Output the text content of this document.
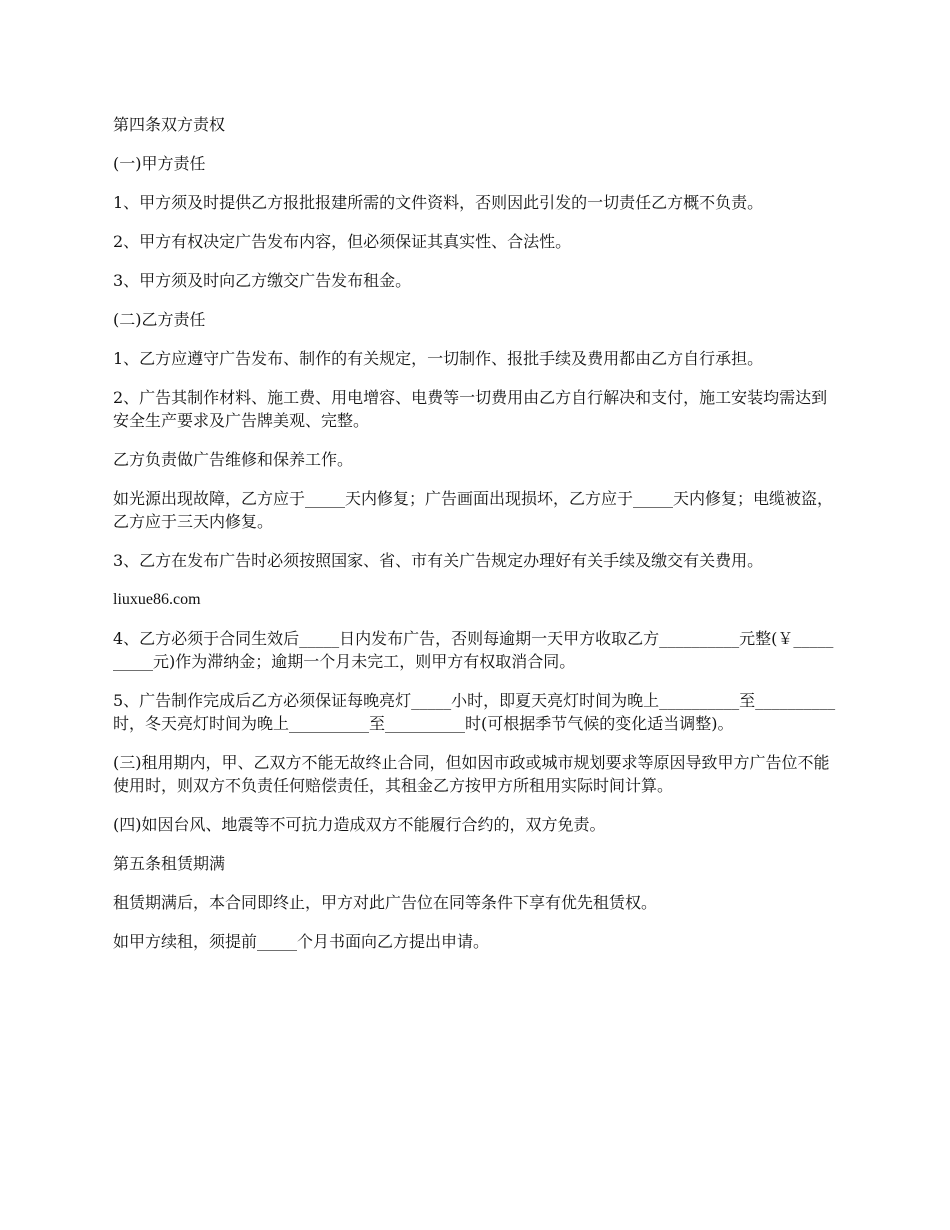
第四条双方责权

(一)甲方责任

1、甲方须及时提供乙方报批报建所需的文件资料，否则因此引发的一切责任乙方概不负责。

2、甲方有权决定广告发布内容，但必须保证其真实性、合法性。

3、甲方须及时向乙方缴交广告发布租金。

(二)乙方责任

1、乙方应遵守广告发布、制作的有关规定，一切制作、报批手续及费用都由乙方自行承担。

2、广告其制作材料、施工费、用电增容、电费等一切费用由乙方自行解决和支付，施工安装均需达到安全生产要求及广告牌美观、完整。

乙方负责做广告维修和保养工作。

如光源出现故障，乙方应于_____天内修复；广告画面出现损坏，乙方应于_____天内修复；电缆被盗，乙方应于三天内修复。

3、乙方在发布广告时必须按照国家、省、市有关广告规定办理好有关手续及缴交有关费用。

liuxue86.com

4、乙方必须于合同生效后_____日内发布广告，否则每逾期一天甲方收取乙方__________元整(￥__________元)作为滞纳金；逾期一个月未完工，则甲方有权取消合同。

5、广告制作完成后乙方必须保证每晚亮灯_____小时，即夏天亮灯时间为晚上__________至__________时，冬天亮灯时间为晚上__________至__________时(可根据季节气候的变化适当调整)。

(三)租用期内，甲、乙双方不能无故终止合同，但如因市政或城市规划要求等原因导致甲方广告位不能使用时，则双方不负责任何赔偿责任，其租金乙方按甲方所租用实际时间计算。

(四)如因台风、地震等不可抗力造成双方不能履行合约的，双方免责。

第五条租赁期满

租赁期满后，本合同即终止，甲方对此广告位在同等条件下享有优先租赁权。

如甲方续租，须提前_____个月书面向乙方提出申请。
